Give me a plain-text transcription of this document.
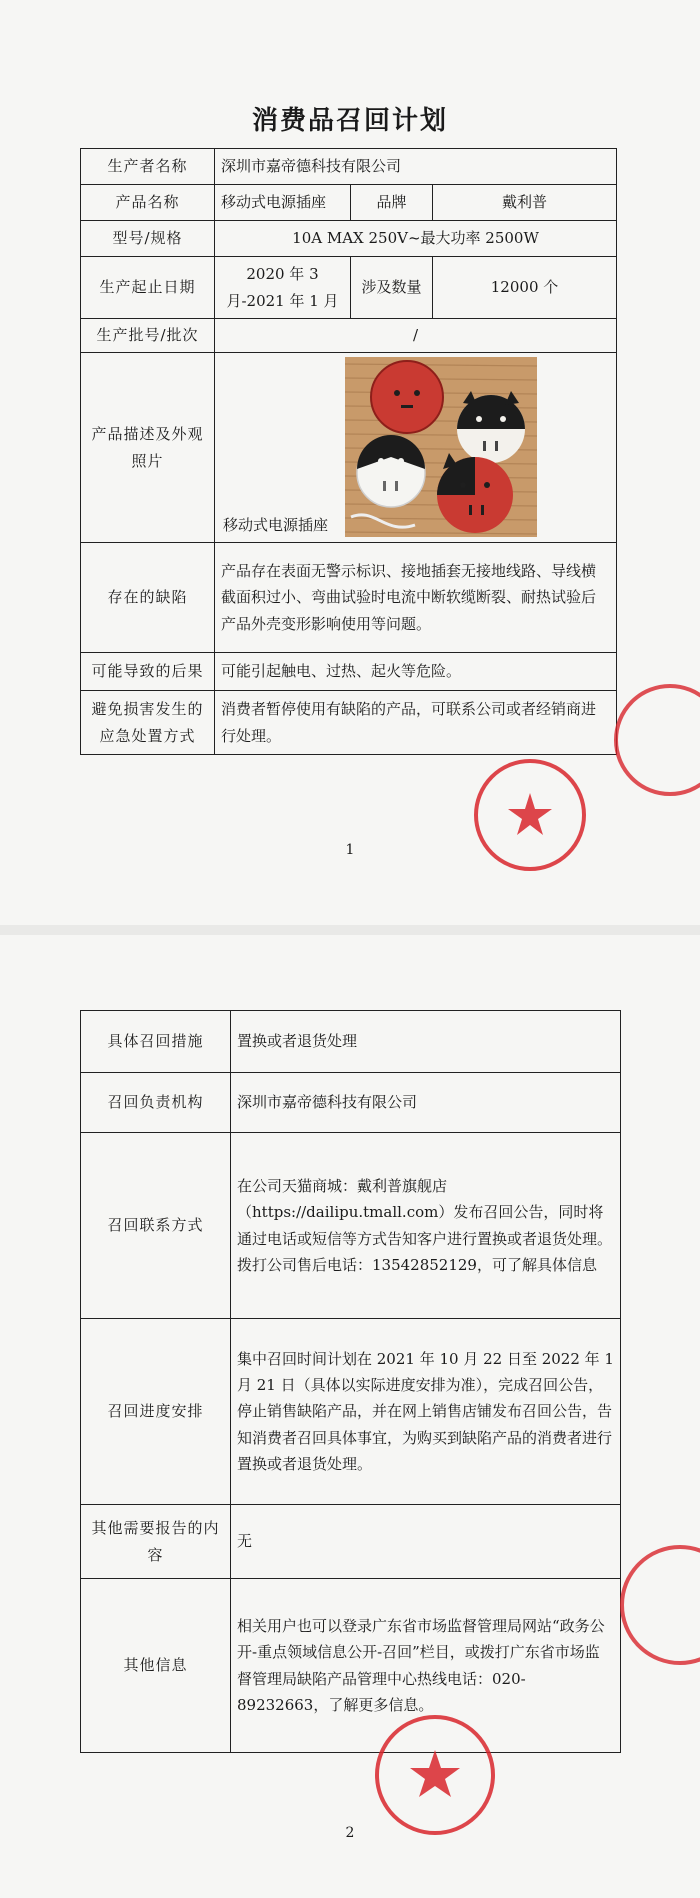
消费品召回计划
生产者名称	深圳市嘉帝德科技有限公司		
产品名称	移动式电源插座	品牌	戴利普
型号/规格	10A MAX 250V~最大功率 2500W		
生产起止日期	2020 年 3 月-2021 年 1 月	涉及数量	12000 个
生产批号/批次	/		
产品描述及外观照片	移动式电源插座		

存在的缺陷	产品存在表面无警示标识、接地插套无接地线路、导线横截面积过小、弯曲试验时电流中断软缆断裂、耐热试验后产品外壳变形影响使用等问题。		
可能导致的后果	可能引起触电、过热、起火等危险。		
避免损害发生的应急处置方式	消费者暂停使用有缺陷的产品，可联系公司或者经销商进行处理。		
1
具体召回措施	置换或者退货处理
召回负责机构	深圳市嘉帝德科技有限公司
召回联系方式	在公司天猫商城：戴利普旗舰店（https://dailipu.tmall.com）发布召回公告，同时将通过电话或短信等方式告知客户进行置换或者退货处理。
拨打公司售后电话：13542852129，可了解具体信息

召回进度安排	集中召回时间计划在 2021 年 10 月 22 日至 2022 年 1 月 21 日（具体以实际进度安排为准），完成召回公告，停止销售缺陷产品，并在网上销售店铺发布召回公告，告知消费者召回具体事宜，为购买到缺陷产品的消费者进行置换或者退货处理。
其他需要报告的内容	无
其他信息	相关用户也可以登录广东省市场监督管理局网站“政务公开-重点领域信息公开-召回”栏目，或拨打广东省市场监督管理局缺陷产品管理中心热线电话：020-89232663，了解更多信息。
2
